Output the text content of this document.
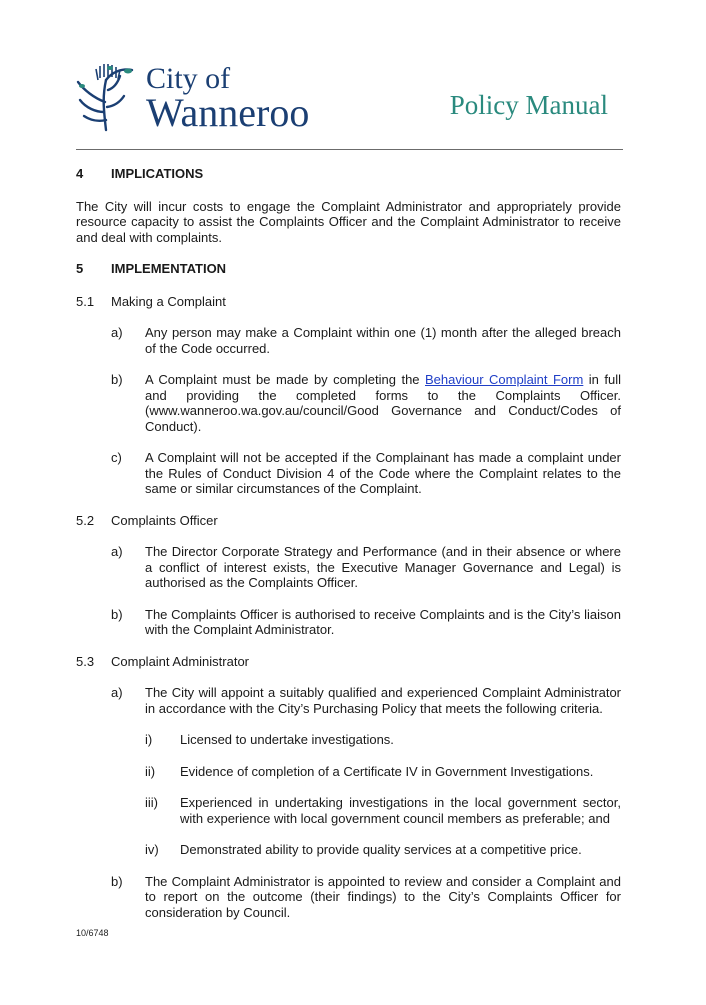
City of
Wanneroo	Policy Manual
4	IMPLICATIONS

The City will incur costs to engage the Complaint Administrator and appropriately provide resource capacity to assist the Complaints Officer and the Complaint Administrator to receive and deal with complaints.

5	IMPLEMENTATION
5.1	Making a Complaint
a)	Any person may make a Complaint within one (1) month after the alleged breach of the Code occurred.
b)	A Complaint must be made by completing the Behaviour Complaint Form in full and providing the completed forms to the Complaints Officer. (www.wanneroo.wa.gov.au/council/Good Governance and Conduct/Codes of Conduct).
c)	A Complaint will not be accepted if the Complainant has made a complaint under the Rules of Conduct Division 4 of the Code where the Complaint relates to the same or similar circumstances of the Complaint.
5.2	Complaints Officer
a)	The Director Corporate Strategy and Performance (and in their absence or where a conflict of interest exists, the Executive Manager Governance and Legal) is authorised as the Complaints Officer.
b)	The Complaints Officer is authorised to receive Complaints and is the City’s liaison with the Complaint Administrator.
5.3	Complaint Administrator
a)	The City will appoint a suitably qualified and experienced Complaint Administrator in accordance with the City’s Purchasing Policy that meets the following criteria.
i)	Licensed to undertake investigations.
ii)	Evidence of completion of a Certificate IV in Government Investigations.
iii)	Experienced in undertaking investigations in the local government sector, with experience with local government council members as preferable; and
iv)	Demonstrated ability to provide quality services at a competitive price.
b)	The Complaint Administrator is appointed to review and consider a Complaint and to report on the outcome (their findings) to the City’s Complaints Officer for consideration by Council.
10/6748
